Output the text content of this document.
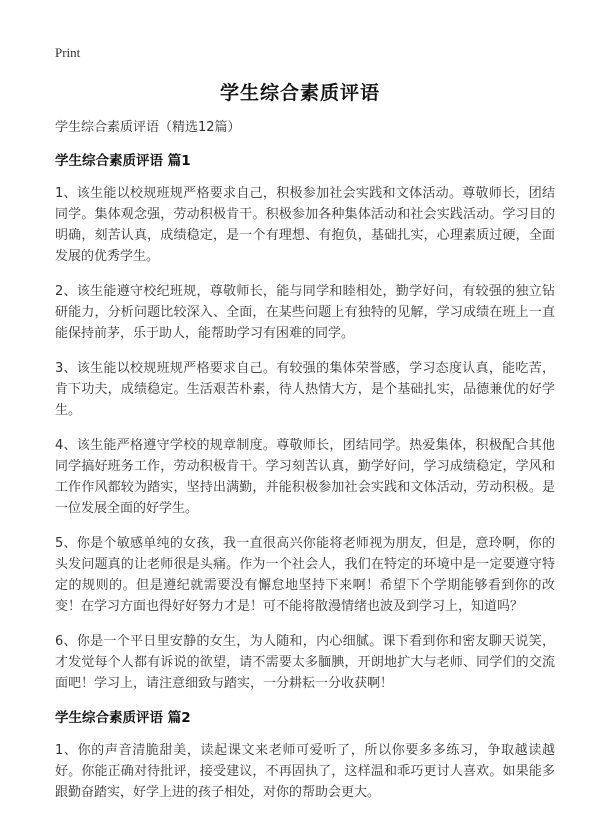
Print
学生综合素质评语

学生综合素质评语（精选12篇）

学生综合素质评语 篇1

1、该生能以校规班规严格要求自己，积极参加社会实践和文体活动。尊敬师长，团结同学。集体观念强，劳动积极肯干。积极参加各种集体活动和社会实践活动。学习目的明确，刻苦认真，成绩稳定，是一个有理想、有抱负，基础扎实，心理素质过硬，全面发展的优秀学生。

2、该生能遵守校纪班规，尊敬师长，能与同学和睦相处，勤学好问，有较强的独立钻研能力，分析问题比较深入、全面，在某些问题上有独特的见解，学习成绩在班上一直能保持前茅，乐于助人，能帮助学习有困难的同学。

3、该生能以校规班规严格要求自己。有较强的集体荣誉感，学习态度认真，能吃苦，肯下功夫，成绩稳定。生活艰苦朴素，待人热情大方，是个基础扎实，品德兼优的好学生。

4、该生能严格遵守学校的规章制度。尊敬师长，团结同学。热爱集体，积极配合其他同学搞好班务工作，劳动积极肯干。学习刻苦认真，勤学好问，学习成绩稳定，学风和工作作风都较为踏实，坚持出满勤，并能积极参加社会实践和文体活动，劳动积极。是一位发展全面的好学生。

5、你是个敏感单纯的女孩，我一直很高兴你能将老师视为朋友，但是，意玲啊，你的头发问题真的让老师很是头痛。作为一个社会人，我们在特定的环境中是一定要遵守特定的规则的。但是遵纪就需要没有懈怠地坚持下来啊！希望下个学期能够看到你的改变！在学习方面也得好好努力才是！可不能将散漫情绪也波及到学习上，知道吗？

6、你是一个平日里安静的女生，为人随和，内心细腻。课下看到你和密友聊天说笑，才发觉每个人都有诉说的欲望，请不需要太多腼腆，开朗地扩大与老师、同学们的交流面吧！学习上，请注意细致与踏实，一分耕耘一分收获啊！

学生综合素质评语 篇2

1、你的声音清脆甜美，读起课文来老师可爱听了，所以你要多多练习，争取越读越好。你能正确对待批评，接受建议，不再固执了，这样温和乖巧更讨人喜欢。如果能多跟勤奋踏实，好学上进的孩子相处，对你的帮助会更大。
